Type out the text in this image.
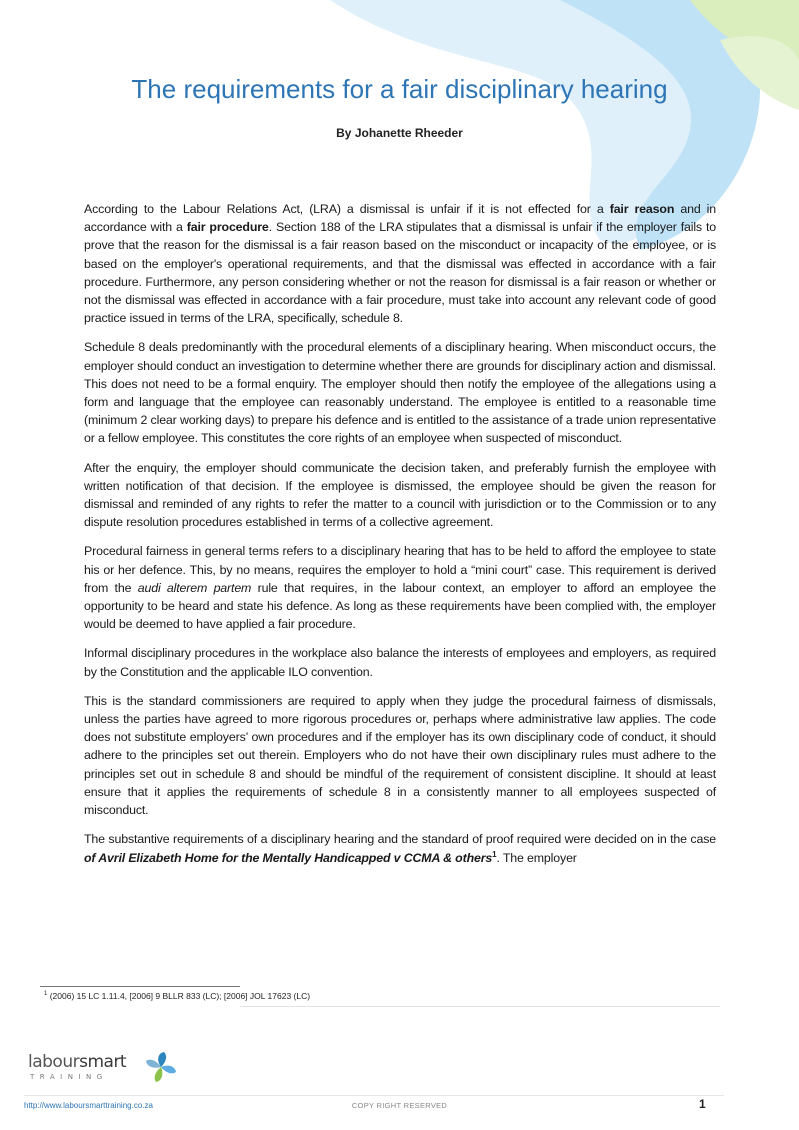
The requirements for a fair disciplinary hearing
By Johanette Rheeder

According to the Labour Relations Act, (LRA) a dismissal is unfair if it is not effected for a fair reason and in accordance with a fair procedure. Section 188 of the LRA stipulates that a dismissal is unfair if the employer fails to prove that the reason for the dismissal is a fair reason based on the misconduct or incapacity of the employee, or is based on the employer's operational requirements, and that the dismissal was effected in accordance with a fair procedure. Furthermore, any person considering whether or not the reason for dismissal is a fair reason or whether or not the dismissal was effected in accordance with a fair procedure, must take into account any relevant code of good practice issued in terms of the LRA, specifically, schedule 8.

Schedule 8 deals predominantly with the procedural elements of a disciplinary hearing. When misconduct occurs, the employer should conduct an investigation to determine whether there are grounds for disciplinary action and dismissal. This does not need to be a formal enquiry. The employer should then notify the employee of the allegations using a form and language that the employee can reasonably understand. The employee is entitled to a reasonable time (minimum 2 clear working days) to prepare his defence and is entitled to the assistance of a trade union representative or a fellow employee. This constitutes the core rights of an employee when suspected of misconduct.

After the enquiry, the employer should communicate the decision taken, and preferably furnish the employee with written notification of that decision. If the employee is dismissed, the employee should be given the reason for dismissal and reminded of any rights to refer the matter to a council with jurisdiction or to the Commission or to any dispute resolution procedures established in terms of a collective agreement.

Procedural fairness in general terms refers to a disciplinary hearing that has to be held to afford the employee to state his or her defence. This, by no means, requires the employer to hold a “mini court” case. This requirement is derived from the audi alterem partem rule that requires, in the labour context, an employer to afford an employee the opportunity to be heard and state his defence. As long as these requirements have been complied with, the employer would be deemed to have applied a fair procedure.

Informal disciplinary procedures in the workplace also balance the interests of employees and employers, as required by the Constitution and the applicable ILO convention.

This is the standard commissioners are required to apply when they judge the procedural fairness of dismissals, unless the parties have agreed to more rigorous procedures or, perhaps where administrative law applies. The code does not substitute employers’ own procedures and if the employer has its own disciplinary code of conduct, it should adhere to the principles set out therein. Employers who do not have their own disciplinary rules must adhere to the principles set out in schedule 8 and should be mindful of the requirement of consistent discipline. It should at least ensure that it applies the requirements of schedule 8 in a consistently manner to all employees suspected of misconduct.

The substantive requirements of a disciplinary hearing and the standard of proof required were decided on in the case of Avril Elizabeth Home for the Mentally Handicapped v CCMA & others$^1$. The employer

$^1$ (2006) 15 LC 1.11.4, [2006] 9 BLLR 833 (LC); [2006] JOL 17623 (LC)
laboursmart
TRAINING
http://www.laboursmarttraining.co.za	COPY RIGHT RESERVED	1
